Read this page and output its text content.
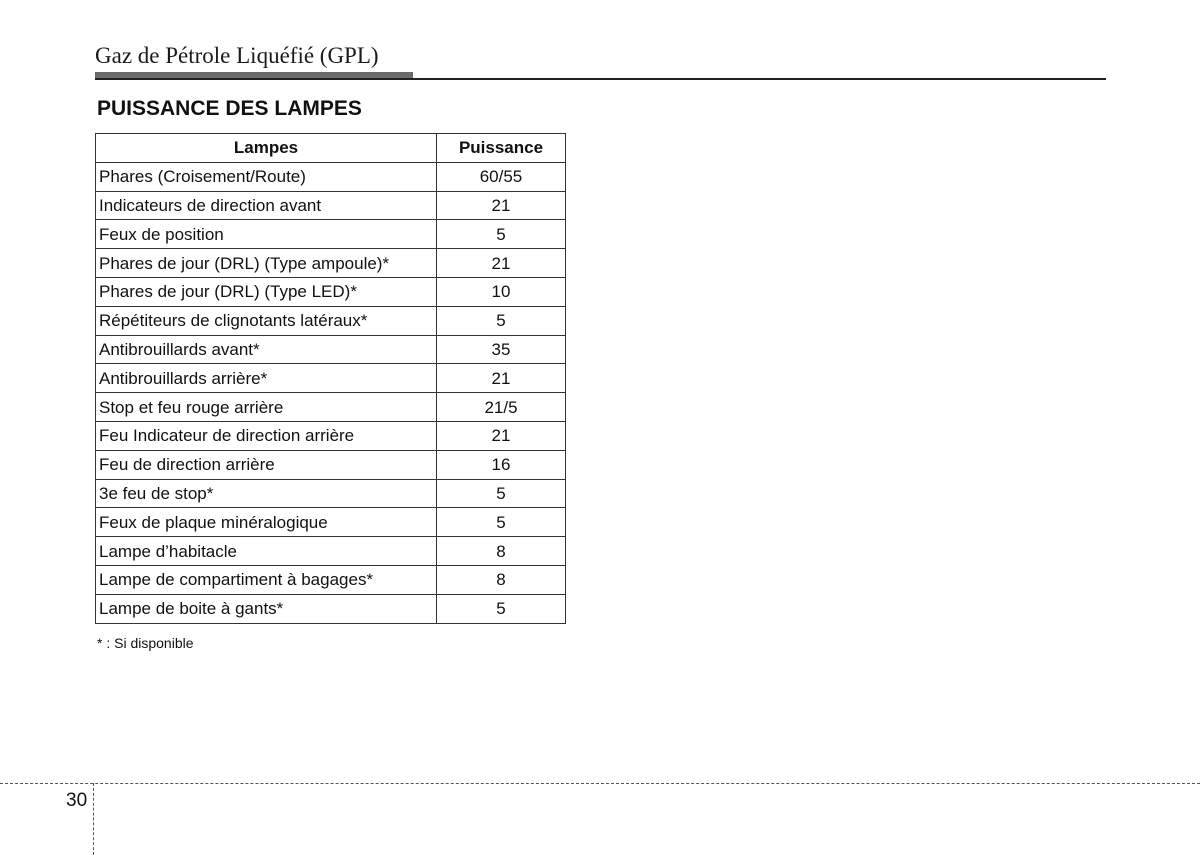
Gaz de Pétrole Liquéfié (GPL)
PUISSANCE DES LAMPES
Lampes	Puissance
Phares (Croisement/Route)	60/55
Indicateurs de direction avant	21
Feux de position	5
Phares de jour (DRL) (Type ampoule)*	21
Phares de jour (DRL) (Type LED)*	10
Répétiteurs de clignotants latéraux*	5
Antibrouillards avant*	35
Antibrouillards arrière*	21
Stop et feu rouge arrière	21/5
Feu Indicateur de direction arrière	21
Feu de direction arrière	16
3e feu de stop*	5
Feux de plaque minéralogique	5
Lampe d’habitacle	8
Lampe de compartiment à bagages*	8
Lampe de boite à gants*	5
* : Si disponible
30
